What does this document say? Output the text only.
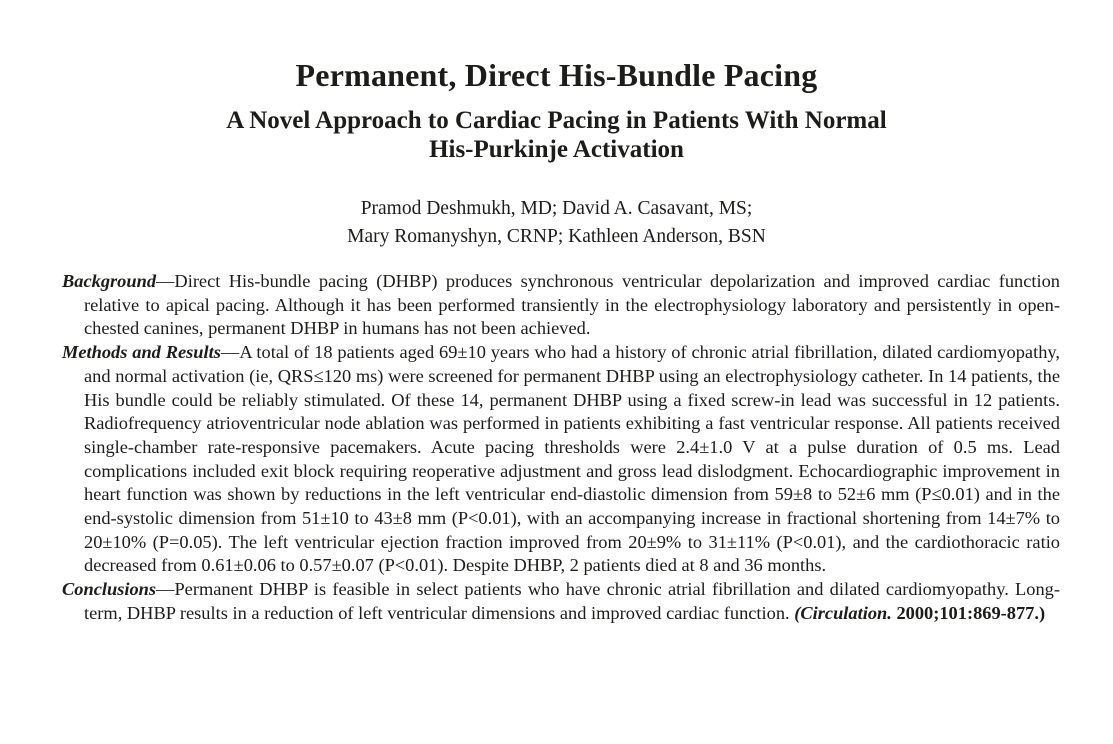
Permanent, Direct His-Bundle Pacing
A Novel Approach to Cardiac Pacing in Patients With Normal
His-Purkinje Activation
Pramod Deshmukh, MD; David A. Casavant, MS;
Mary Romanyshyn, CRNP; Kathleen Anderson, BSN

Background—Direct His-bundle pacing (DHBP) produces synchronous ventricular depolarization and improved cardiac function relative to apical pacing. Although it has been performed transiently in the electrophysiology laboratory and persistently in open-chested canines, permanent DHBP in humans has not been achieved.

Methods and Results—A total of 18 patients aged 69±10 years who had a history of chronic atrial fibrillation, dilated cardiomyopathy, and normal activation (ie, QRS≤120 ms) were screened for permanent DHBP using an electrophysiology catheter. In 14 patients, the His bundle could be reliably stimulated. Of these 14, permanent DHBP using a fixed screw-in lead was successful in 12 patients. Radiofrequency atrioventricular node ablation was performed in patients exhibiting a fast ventricular response. All patients received single-chamber rate-responsive pacemakers. Acute pacing thresholds were 2.4±1.0 V at a pulse duration of 0.5 ms. Lead complications included exit block requiring reoperative adjustment and gross lead dislodgment. Echocardiographic improvement in heart function was shown by reductions in the left ventricular end-diastolic dimension from 59±8 to 52±6 mm (P≤0.01) and in the end-systolic dimension from 51±10 to 43±8 mm (P<0.01), with an accompanying increase in fractional shortening from 14±7% to 20±10% (P=0.05). The left ventricular ejection fraction improved from 20±9% to 31±11% (P<0.01), and the cardiothoracic ratio decreased from 0.61±0.06 to 0.57±0.07 (P<0.01). Despite DHBP, 2 patients died at 8 and 36 months.

Conclusions—Permanent DHBP is feasible in select patients who have chronic atrial fibrillation and dilated cardiomyopathy. Long-term, DHBP results in a reduction of left ventricular dimensions and improved cardiac function. (Circulation. 2000;101:869-877.)
